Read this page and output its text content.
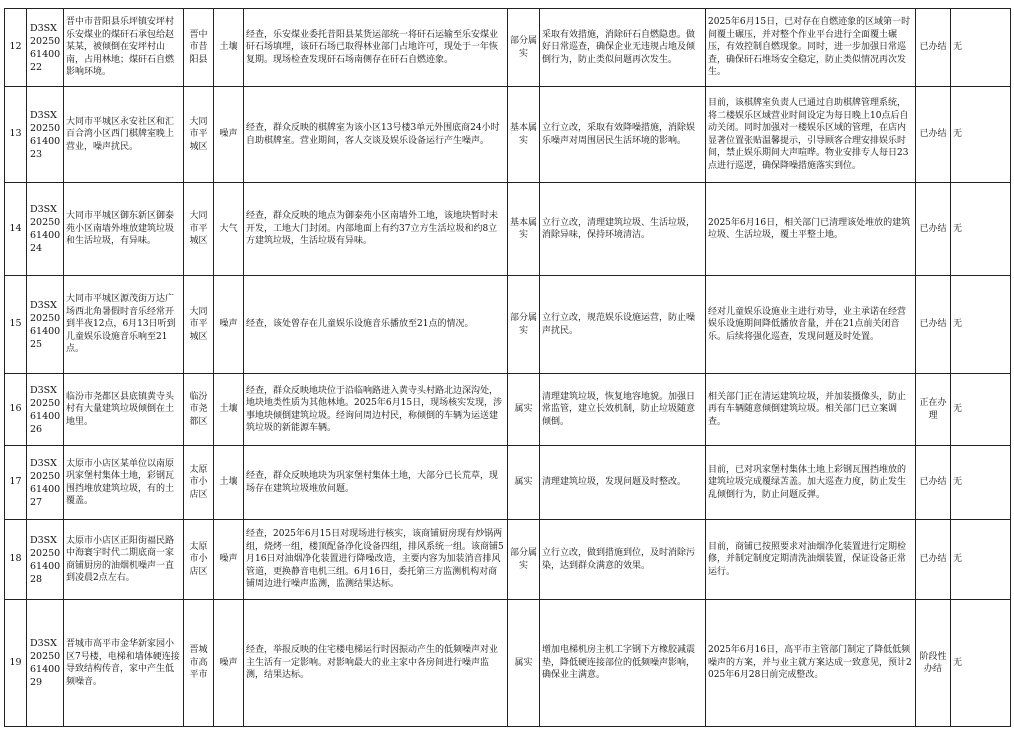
12	D3SX202506140022	晋中市昔阳县乐坪镇安坪村乐安煤业的煤矸石承包给赵某某，被倾倒在安坪村山南，占用林地；煤矸石自燃影响环境。	晋中市昔阳县	土壤	经查，乐安煤业委托昔阳县某货运部统一将矸石运输至乐安煤业矸石场填埋，该矸石场已取得林业部门占地许可，现处于一年恢复期。现场检查发现矸石场南侧存在矸石自燃迹象。	部分属实	采取有效措施，消除矸石自燃隐患。做好日常巡查，确保企业无违规占地及倾倒行为，防止类似问题再次发生。	2025年6月15日，已对存在自燃迹象的区域第一时间覆土碾压，并对整个作业平台进行全面覆土碾压，有效控制自燃现象。同时，进一步加强日常巡查，确保矸石堆场安全稳定，防止类似情况再次发生。	已办结	无
13	D3SX202506140023	大同市平城区永安社区和汇百合湾小区西门棋牌室晚上营业，噪声扰民。	大同市平城区	噪声	经查，群众反映的棋牌室为该小区13号楼3单元外围底商24小时自助棋牌室。营业期间，客人交谈及娱乐设备运行产生噪声。	基本属实	立行立改，采取有效降噪措施，消除娱乐噪声对周围居民生活环境的影响。	目前，该棋牌室负责人已通过自助棋牌管理系统，将二楼娱乐区域营业时间设定为每日晚上10点后自动关闭。同时加强对一楼娱乐区域的管理，在店内显著位置张贴温馨提示，引导顾客合理安排娱乐时间，禁止娱乐期间大声喧哗。物业安排专人每日23点进行巡逻，确保降噪措施落实到位。	已办结	无
14	D3SX202506140024	大同市平城区御东新区御泰苑小区南墙外堆放建筑垃圾和生活垃圾，有异味。	大同市平城区	大气	经查，群众反映的地点为御泰苑小区南墙外工地，该地块暂时未开发，工地大门封闭。内部地面上有约37立方生活垃圾和约8立方建筑垃圾，生活垃圾有异味。	基本属实	立行立改，清理建筑垃圾、生活垃圾，消除异味，保持环境清洁。	2025年6月16日，相关部门已清理该处堆放的建筑垃圾、生活垃圾，覆土平整土地。	已办结	无
15	D3SX202506140025	大同市平城区源茂街万达广场西北角暑假时音乐经常开到半夜12点，6月13日听到儿童娱乐设施音乐响至21点。	大同市平城区	噪声	经查，该处曾存在儿童娱乐设施音乐播放至21点的情况。	部分属实	立行立改，规范娱乐设施运营，防止噪声扰民。	经对儿童娱乐设施业主进行劝导，业主承诺在经营娱乐设施期间降低播放音量，并在21点前关闭音乐。后续将强化巡查，发现问题及时处置。	已办结	无
16	D3SX202506140026	临汾市尧都区县底镇黄寺头村有大量建筑垃圾倾倒在土地里。	临汾市尧都区	土壤	经查，群众反映地块位于沿临响路进入黄寺头村路北边深沟处，地块地类性质为其他林地。2025年6月15日，现场核实发现，涉事地块倾倒建筑垃圾。经询问周边村民，称倾倒的车辆为运送建筑垃圾的新能源车辆。	属实	清理建筑垃圾，恢复地容地貌。加强日常监管，建立长效机制，防止垃圾随意倾倒。	相关部门正在清运建筑垃圾，并加装摄像头，防止再有车辆随意倾倒建筑垃圾。相关部门已立案调查。	正在办理	无
17	D3SX202506140027	太原市小店区某单位以南原巩家堡村集体土地，彩钢瓦围挡堆放建筑垃圾，有的土覆盖。	太原市小店区	土壤	经查，群众反映地块为巩家堡村集体土地，大部分已长荒草，现场存在建筑垃圾堆放问题。	属实	清理建筑垃圾，发现问题及时整改。	目前，已对巩家堡村集体土地上彩钢瓦围挡堆放的建筑垃圾完成覆绿苫盖。加大巡查力度，防止发生乱倾倒行为，防止问题反弹。	已办结	无
18	D3SX202506140028	太原市小店区正阳街福民路中海寰宇时代二期底商一家商铺厨房的油烟机噪声一直到凌晨2点左右。	太原市小店区	噪声	经查，2025年6月15日对现场进行核实，该商铺厨房现有炒锅两组，烧烤一组，楼顶配备净化设备四组，排风系统一组。该商铺5月16日对油烟净化装置进行降噪改造，主要内容为加装消音排风管道，更换静音电机三组。6月16日，委托第三方监测机构对商铺周边进行噪声监测，监测结果达标。	部分属实	立行立改，做到措施到位，及时消除污染，达到群众满意的效果。	目前，商铺已按照要求对油烟净化装置进行定期检修，并制定制度定期清洗油烟装置，保证设备正常运行。	已办结	无
19	D3SX202506140029	晋城市高平市金华新家园小区7号楼，电梯和墙体硬连接导致结构传音，家中产生低频噪音。	晋城市高平市	噪声	经查，举报反映的住宅楼电梯运行时因振动产生的低频噪声对业主生活有一定影响。对影响最大的业主家中各房间进行噪声监测，结果达标。	属实	增加电梯机房主机工字钢下方橡胶减震垫，降低硬连接部位的低频噪声影响，确保业主满意。	2025年6月16日，高平市主管部门制定了降低低频噪声的方案，并与业主就方案达成一致意见，预计2025年6月28日前完成整改。	阶段性办结	无
